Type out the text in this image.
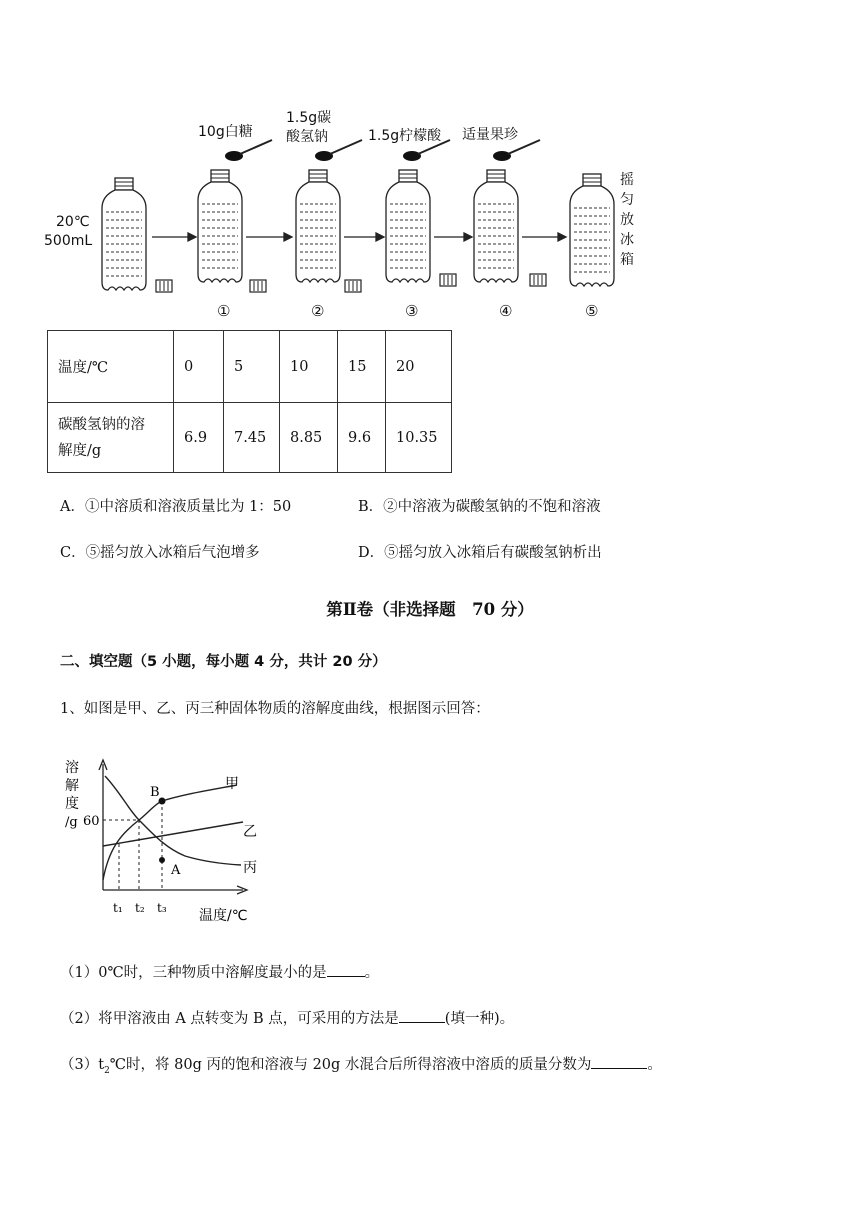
20℃
500mL
10g白糖
1.5g碳
酸氢钠	1.5g柠檬酸 适量果珍
摇
匀
放
冰
箱
①	②	③	④	⑤
温度/℃	0	5	10	15	20

碳酸氢钠的溶
解度/g	6.9	7.45	8.85	9.6	10.35
A．①中溶质和溶液质量比为 1：50	B．②中溶液为碳酸氢钠的不饱和溶液
C．⑤摇匀放入冰箱后气泡增多	D．⑤摇匀放入冰箱后有碳酸氢钠析出
第Ⅱ卷（非选择题　70 分）
二、填空题（5 小题，每小题 4 分，共计 20 分）
1、如图是甲、乙、丙三种固体物质的溶解度曲线，根据图示回答：
60
B
A
甲
乙
丙
t₁ t₂ t₃ 温度/℃
溶
解
度
/g
（1）0℃时，三种物质中溶解度最小的是	。
（2）将甲溶液由 A 点转变为 B 点，可采用的方法是	(填一种)。
$(3)t_2℃$时，将 80g 丙的饱和溶液与 20g 水混合后所得溶液中溶质的质量分数为	。
